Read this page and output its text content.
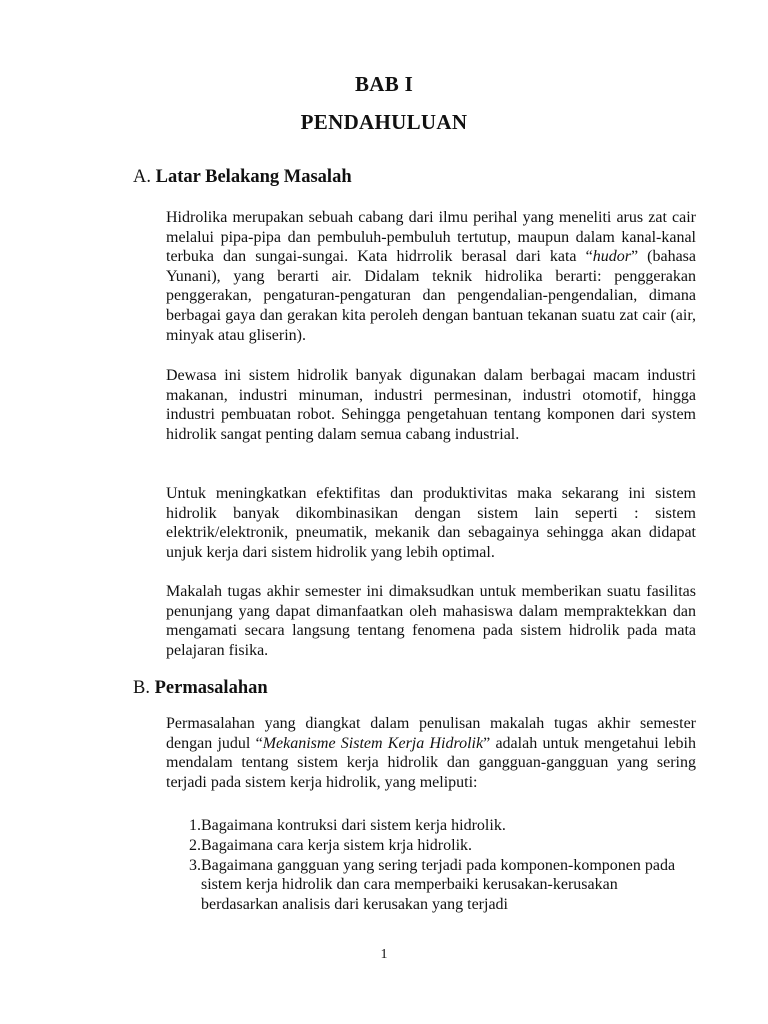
BAB I
PENDAHULUAN
A. Latar Belakang Masalah

Hidrolika merupakan sebuah cabang dari ilmu perihal yang meneliti arus zat cair melalui pipa-pipa dan pembuluh-pembuluh tertutup, maupun dalam kanal-kanal terbuka dan sungai-sungai. Kata hidrrolik berasal dari kata “hudor” (bahasa Yunani), yang berarti air. Didalam teknik hidrolika berarti: penggerakan penggerakan, pengaturan-pengaturan dan pengendalian-pengendalian, dimana berbagai gaya dan gerakan kita peroleh dengan bantuan tekanan suatu zat cair (air, minyak atau gliserin).

Dewasa ini sistem hidrolik banyak digunakan dalam berbagai macam industri makanan, industri minuman, industri permesinan, industri otomotif, hingga industri pembuatan robot. Sehingga pengetahuan tentang komponen dari system hidrolik sangat penting dalam semua cabang industrial.

Untuk meningkatkan efektifitas dan produktivitas maka sekarang ini sistem hidrolik banyak dikombinasikan dengan sistem lain seperti : sistem elektrik/elektronik, pneumatik, mekanik dan sebagainya sehingga akan didapat unjuk kerja dari sistem hidrolik yang lebih optimal.

Makalah tugas akhir semester ini dimaksudkan untuk memberikan suatu fasilitas penunjang yang dapat dimanfaatkan oleh mahasiswa dalam mempraktekkan dan mengamati secara langsung tentang fenomena pada sistem hidrolik pada mata pelajaran fisika.

B. Permasalahan

Permasalahan yang diangkat dalam penulisan makalah tugas akhir semester dengan judul “Mekanisme Sistem Kerja Hidrolik” adalah untuk mengetahui lebih mendalam tentang sistem kerja hidrolik dan gangguan-gangguan yang sering terjadi pada sistem kerja hidrolik, yang meliputi:

1.Bagaimana kontruksi dari sistem kerja hidrolik.
2.Bagaimana cara kerja sistem krja hidrolik.
3.Bagaimana gangguan yang sering terjadi pada komponen-komponen pada sistem kerja hidrolik dan cara memperbaiki kerusakan-kerusakan berdasarkan analisis dari kerusakan yang terjadi
1
